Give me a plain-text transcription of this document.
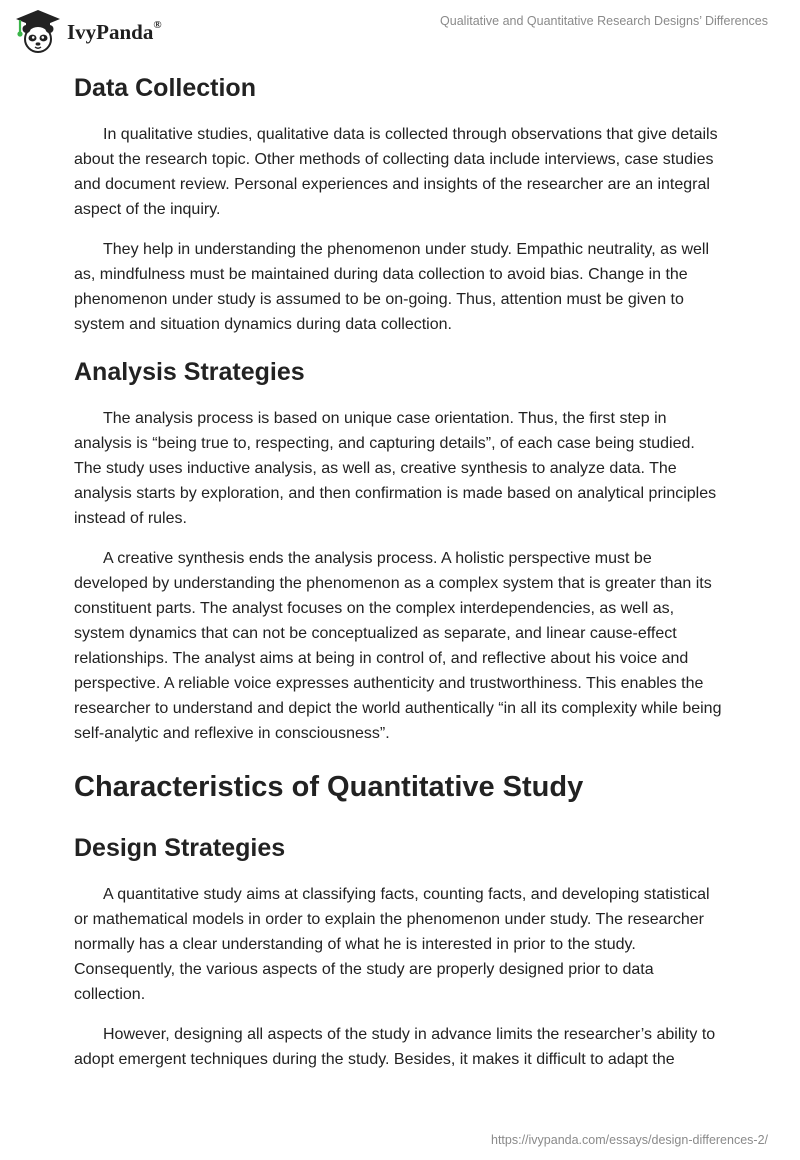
IvyPanda®	Qualitative and Quantitative Research Designs’ Differences
Data Collection

In qualitative studies, qualitative data is collected through observations that give details about the research topic. Other methods of collecting data include interviews, case studies and document review. Personal experiences and insights of the researcher are an integral aspect of the inquiry.

They help in understanding the phenomenon under study. Empathic neutrality, as well as, mindfulness must be maintained during data collection to avoid bias. Change in the phenomenon under study is assumed to be on-going. Thus, attention must be given to system and situation dynamics during data collection.

Analysis Strategies

The analysis process is based on unique case orientation. Thus, the first step in analysis is “being true to, respecting, and capturing details”, of each case being studied. The study uses inductive analysis, as well as, creative synthesis to analyze data. The analysis starts by exploration, and then confirmation is made based on analytical principles instead of rules.

A creative synthesis ends the analysis process. A holistic perspective must be developed by understanding the phenomenon as a complex system that is greater than its constituent parts. The analyst focuses on the complex interdependencies, as well as, system dynamics that can not be conceptualized as separate, and linear cause-effect relationships. The analyst aims at being in control of, and reflective about his voice and perspective. A reliable voice expresses authenticity and trustworthiness. This enables the researcher to understand and depict the world authentically “in all its complexity while being self-analytic and reflexive in consciousness”.

Characteristics of Quantitative Study
Design Strategies

A quantitative study aims at classifying facts, counting facts, and developing statistical or mathematical models in order to explain the phenomenon under study. The researcher normally has a clear understanding of what he is interested in prior to the study. Consequently, the various aspects of the study are properly designed prior to data collection.

However, designing all aspects of the study in advance limits the researcher’s ability to adopt emergent techniques during the study. Besides, it makes it difficult to adapt the

https://ivypanda.com/essays/design-differences-2/
